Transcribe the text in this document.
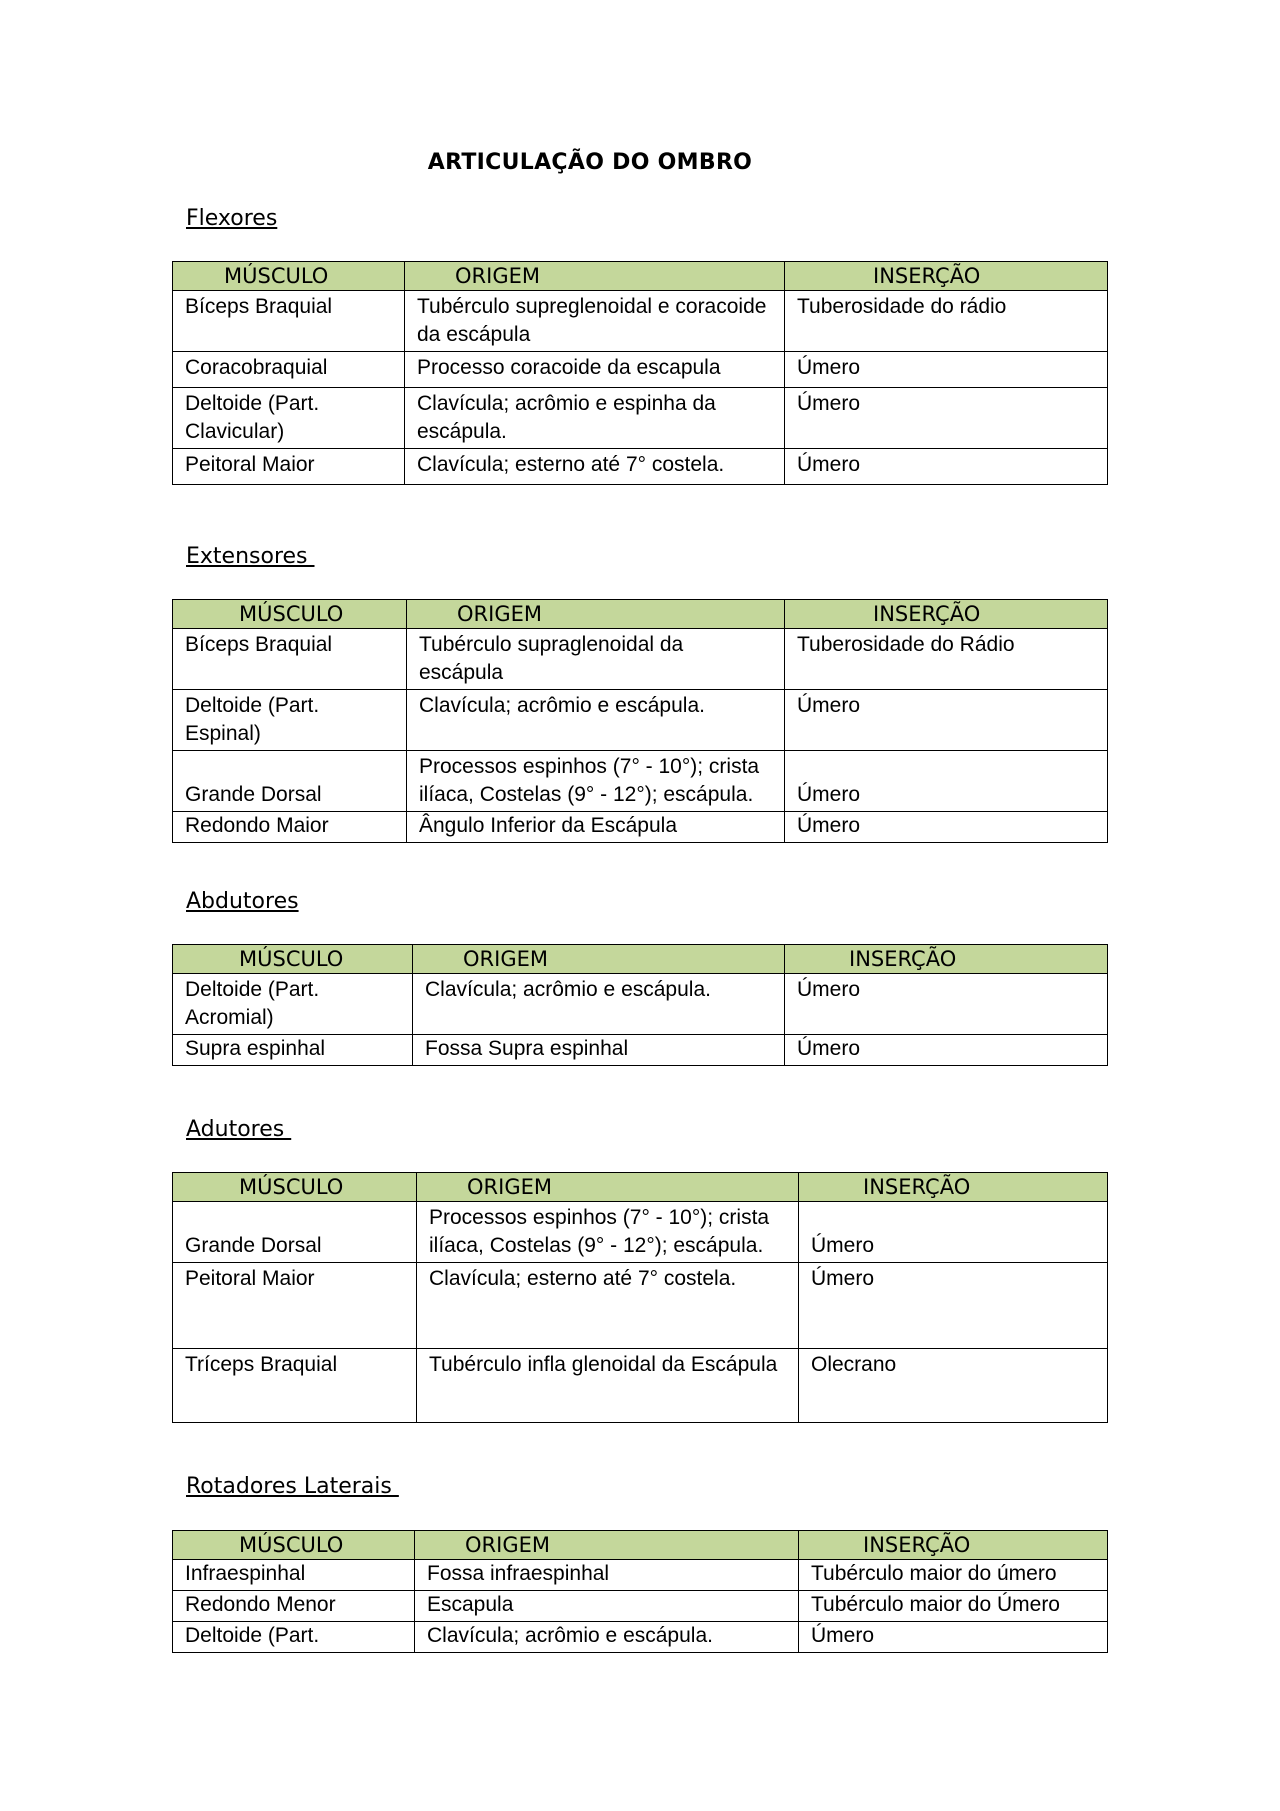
ARTICULAÇÃO DO OMBRO
Flexores
MÚSCULO	ORIGEM	INSERÇÃO
Bíceps Braquial	Tubérculo supreglenoidal e coracoide da escápula	Tuberosidade do rádio
Coracobraquial	Processo coracoide da escapula	Úmero
Deltoide (Part. Clavicular)	Clavícula; acrômio e espinha da escápula.	Úmero
Peitoral Maior	Clavícula; esterno até 7° costela.	Úmero
Extensores
MÚSCULO	ORIGEM	INSERÇÃO
Bíceps Braquial	Tubérculo supraglenoidal da escápula	Tuberosidade do Rádio
Deltoide (Part. Espinal)	Clavícula; acrômio e escápula.	Úmero
Grande Dorsal	Processos espinhos (7° - 10°); crista ilíaca, Costelas (9° - 12°); escápula.	Úmero
Redondo Maior	Ângulo Inferior da Escápula	Úmero
Abdutores
MÚSCULO	ORIGEM	INSERÇÃO
Deltoide (Part. Acromial)	Clavícula; acrômio e escápula.	Úmero
Supra espinhal	Fossa Supra espinhal	Úmero
Adutores
MÚSCULO	ORIGEM	INSERÇÃO
Grande Dorsal	Processos espinhos (7° - 10°); crista ilíaca, Costelas (9° - 12°); escápula.	Úmero
Peitoral Maior	Clavícula; esterno até 7° costela.	Úmero
Tríceps Braquial	Tubérculo infla glenoidal da Escápula	Olecrano
Rotadores Laterais
MÚSCULO	ORIGEM	INSERÇÃO
Infraespinhal	Fossa infraespinhal	Tubérculo maior do úmero
Redondo Menor	Escapula	Tubérculo maior do Úmero
Deltoide (Part.	Clavícula; acrômio e escápula.	Úmero
